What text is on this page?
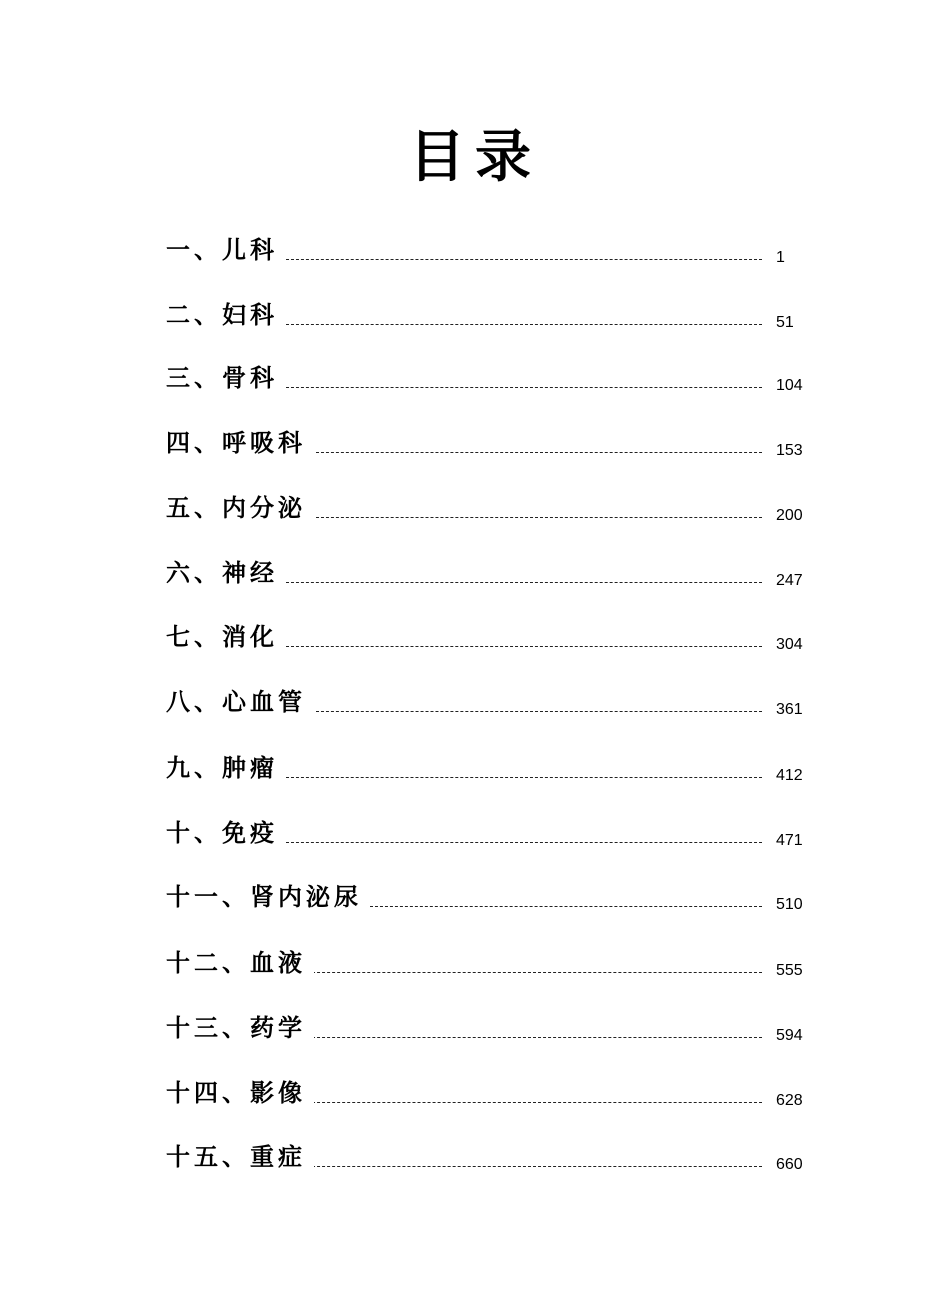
目录
一、儿科	1
二、妇科	51
三、骨科	104
四、呼吸科	153
五、内分泌	200
六、神经	247
七、消化	304
八、心血管	361
九、肿瘤	412
十、免疫	471
十一、肾内泌尿	510
十二、血液	555
十三、药学	594
十四、影像	628
十五、重症	660
